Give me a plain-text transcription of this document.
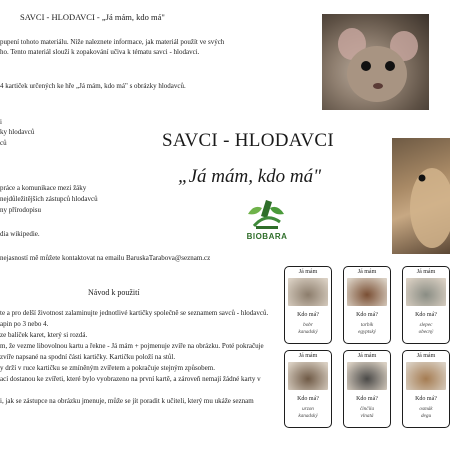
SAVCI - HLODAVCI - „Já mám, kdo má"
pupení tohoto materiálu. Níže naleznete informace, jak materiál použít ve svých
ho. Tento materiál slouží k zopakování učiva k tématu savci - hlodavci.
4 kartiček určených ke hře „Já mám, kdo má" s obrázky hlodavců.
i
ky hlodavců
ců
práce a komunikace mezi žáky
nejdůležitějších zástupců hlodavců
ny přírodopisu
dia wikipedie.
nejasností mě můžete kontaktovat na emailu BaruskaTarabova@seznam.cz
SAVCI - HLODAVCI
„Já mám, kdo má"
BIOBARA
Návod k použití
te a pro delší životnost zalaminujte jednotlivé kartičky společně se seznamem savců - hlodavců.
apin po 3 nebo 4.
ze balíček karet, který si rozdá.
m, že vezme libovolnou kartu a řekne - Já mám + pojmenuje zvíře na obrázku. Poté pokračuje
zvíře napsané na spodní části kartičky. Kartičku položí na stůl.
y drží v ruce kartičku se zmíněným zvířetem a pokračuje stejným způsobem.
ací dostanou ke zvířeti, které bylo vyobrazeno na první kartě, a zároveň nemají žádné karty v
i, jak se zástupce na obrázku jmenuje, může se jít poradit k učiteli, který mu ukáže seznam
Já mám
Kdo má?
bobr
kanadský
Já mám
Kdo má?
tarbík
egyptský
Já mám
Kdo má?
slepec
obecný
Já mám
Kdo má?
urzon
kanadský
Já mám
Kdo má?
činčila
vlnatá
Já mám
Kdo má?
osmák
degu
